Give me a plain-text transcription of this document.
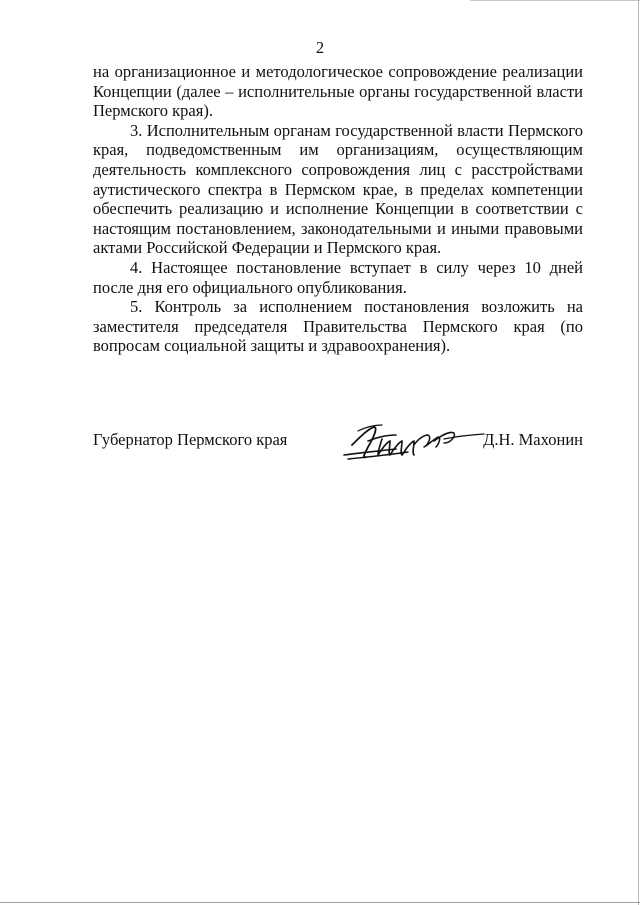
2

на организационное и методологическое сопровождение реализации Концепции (далее – исполнительные органы государственной власти Пермского края).

3. Исполнительным органам государственной власти Пермского края, подведомственным им организациям, осуществляющим деятельность комплексного сопровождения лиц с расстройствами аутистического спектра в Пермском крае, в пределах компетенции обеспечить реализацию и исполнение Концепции в соответствии с настоящим постановлением, законодательными и иными правовыми актами Российской Федерации и Пермского края.

4. Настоящее постановление вступает в силу через 10 дней после дня его официального опубликования.

5. Контроль за исполнением постановления возложить на заместителя председателя Правительства Пермского края (по вопросам социальной защиты и здравоохранения).

Губернатор Пермского края	Д.Н. Махонин
